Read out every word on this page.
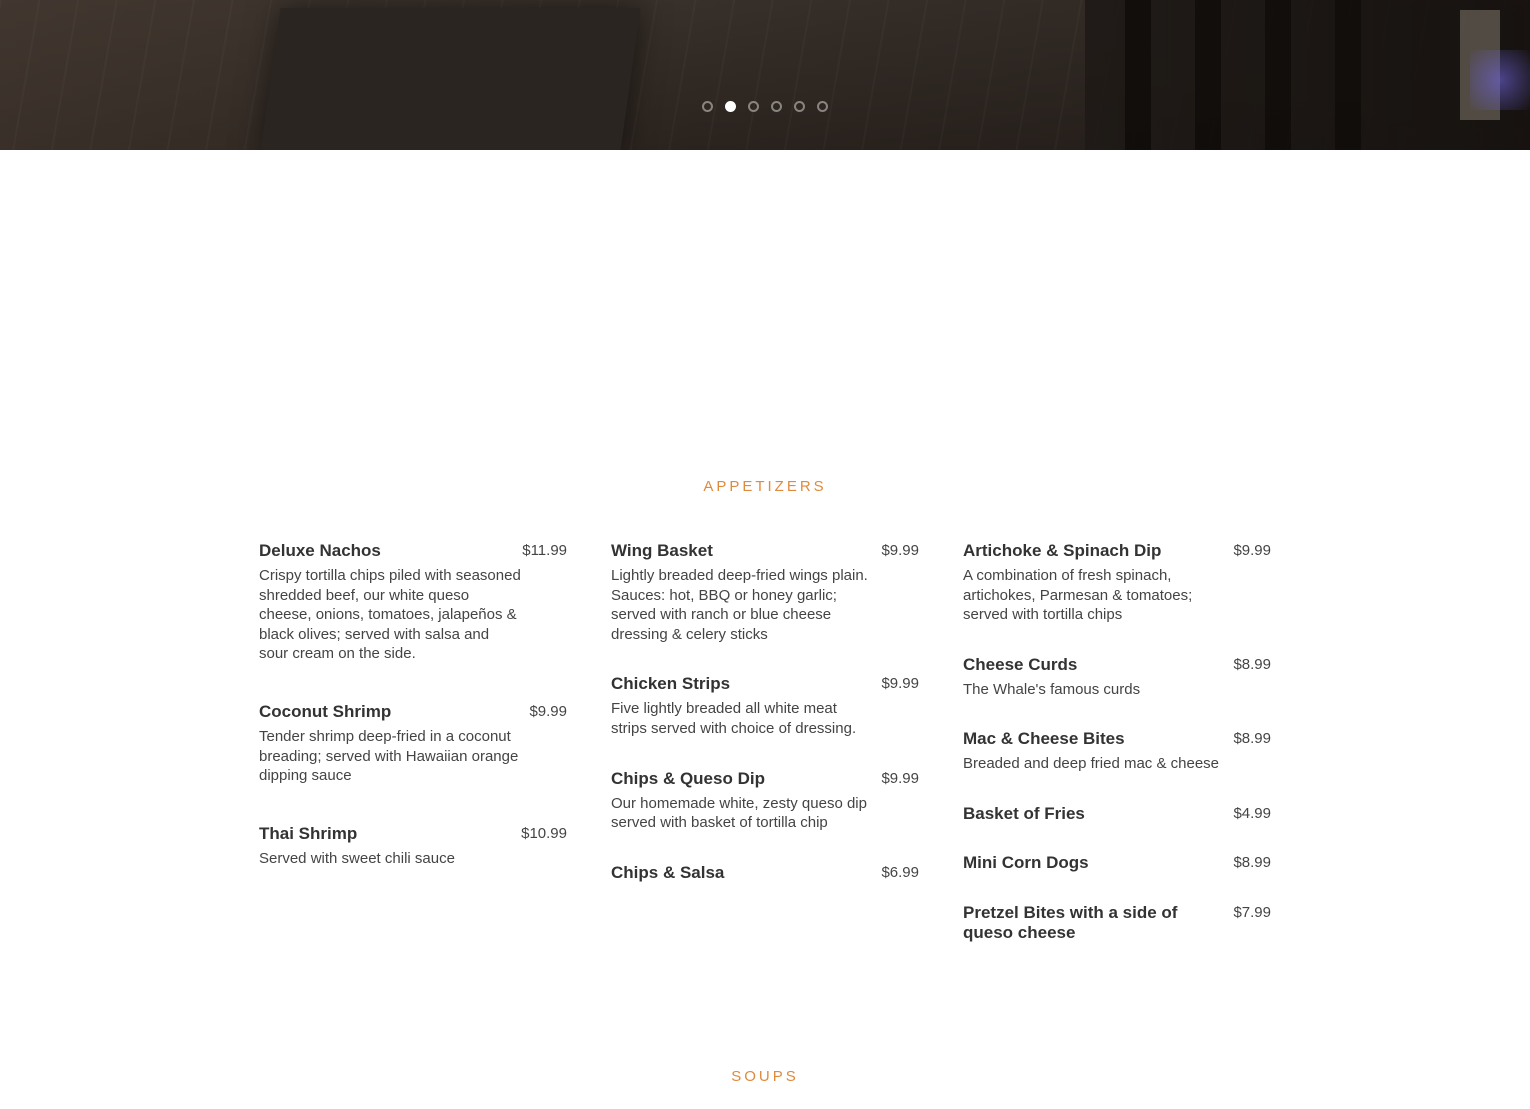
APPETIZERS
Deluxe Nachos	$11.99
Crispy tortilla chips piled with seasoned shredded beef, our white queso cheese, onions, tomatoes, jalapeños & black olives; served with salsa and sour cream on the side.
Coconut Shrimp	$9.99
Tender shrimp deep-fried in a coconut breading; served with Hawaiian orange dipping sauce
Thai Shrimp	$10.99
Served with sweet chili sauce
Wing Basket	$9.99
Lightly breaded deep-fried wings plain. Sauces: hot, BBQ or honey garlic; served with ranch or blue cheese dressing & celery sticks
Chicken Strips	$9.99
Five lightly breaded all white meat strips served with choice of dressing.
Chips & Queso Dip	$9.99
Our homemade white, zesty queso dip served with basket of tortilla chip
Chips & Salsa	$6.99
Artichoke & Spinach Dip	$9.99
A combination of fresh spinach, artichokes, Parmesan & tomatoes; served with tortilla chips
Cheese Curds	$8.99
The Whale's famous curds
Mac & Cheese Bites	$8.99
Breaded and deep fried mac & cheese
Basket of Fries	$4.99
Mini Corn Dogs	$8.99
Pretzel Bites with a side of queso cheese
$7.99
SOUPS
